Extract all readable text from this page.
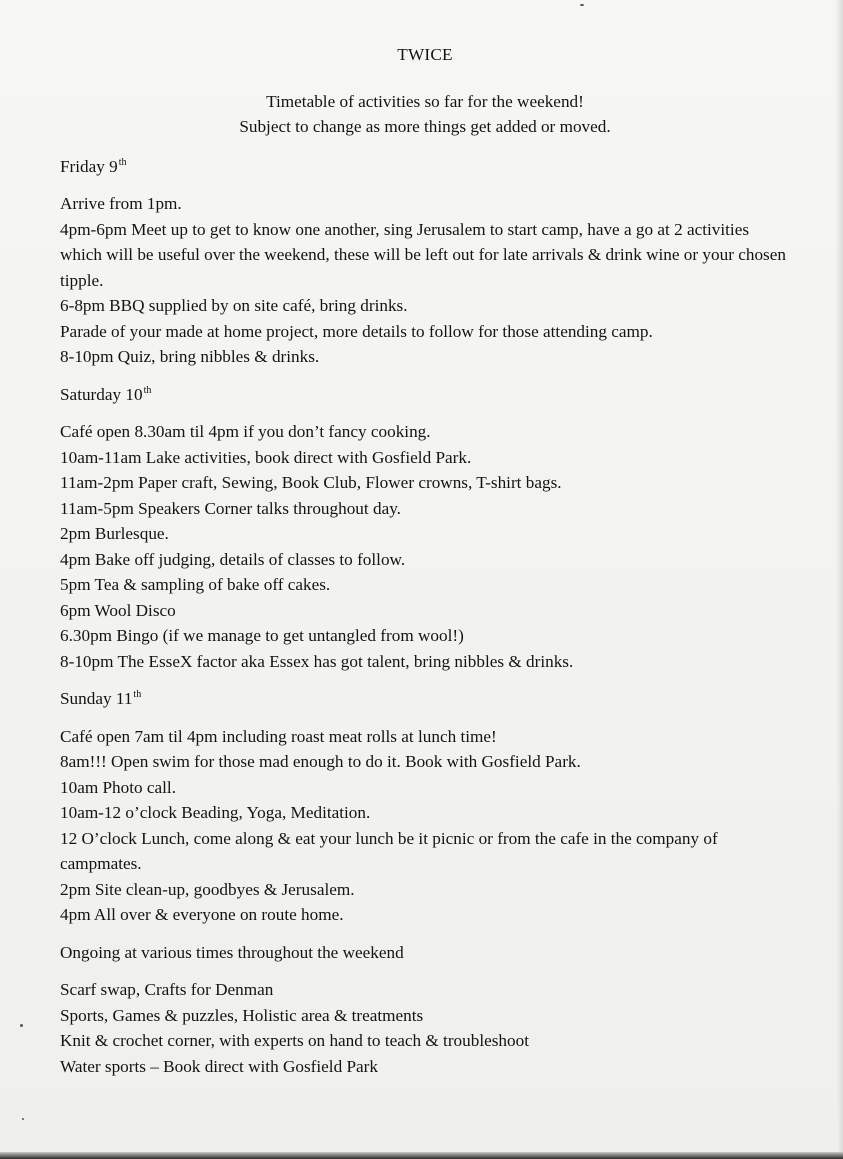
TWICE

Timetable of activities so far for the weekend!

Subject to change as more things get added or moved.

Friday 9th

Arrive from 1pm.

4pm-6pm Meet up to get to know one another, sing Jerusalem to start camp, have a go at 2 activities which will be useful over the weekend, these will be left out for late arrivals & drink wine or your chosen tipple.

6-8pm BBQ supplied by on site café, bring drinks.

Parade of your made at home project, more details to follow for those attending camp.

8-10pm Quiz, bring nibbles & drinks.

Saturday 10th

Café open 8.30am til 4pm if you don’t fancy cooking.

10am-11am Lake activities, book direct with Gosfield Park.

11am-2pm Paper craft, Sewing, Book Club, Flower crowns, T-shirt bags.

11am-5pm Speakers Corner talks throughout day.

2pm Burlesque.

4pm Bake off judging, details of classes to follow.

5pm Tea & sampling of bake off cakes.

6pm Wool Disco

6.30pm Bingo (if we manage to get untangled from wool!)

8-10pm The EsseX factor aka Essex has got talent, bring nibbles & drinks.

Sunday 11th

Café open 7am til 4pm including roast meat rolls at lunch time!

8am!!! Open swim for those mad enough to do it. Book with Gosfield Park.

10am Photo call.

10am-12 o’clock Beading, Yoga, Meditation.

12 O’clock Lunch, come along & eat your lunch be it picnic or from the cafe in the company of campmates.

2pm Site clean-up, goodbyes & Jerusalem.

4pm All over & everyone on route home.

Ongoing at various times throughout the weekend

Scarf swap, Crafts for Denman

Sports, Games & puzzles, Holistic area & treatments

Knit & crochet corner, with experts on hand to teach & troubleshoot

Water sports – Book direct with Gosfield Park
